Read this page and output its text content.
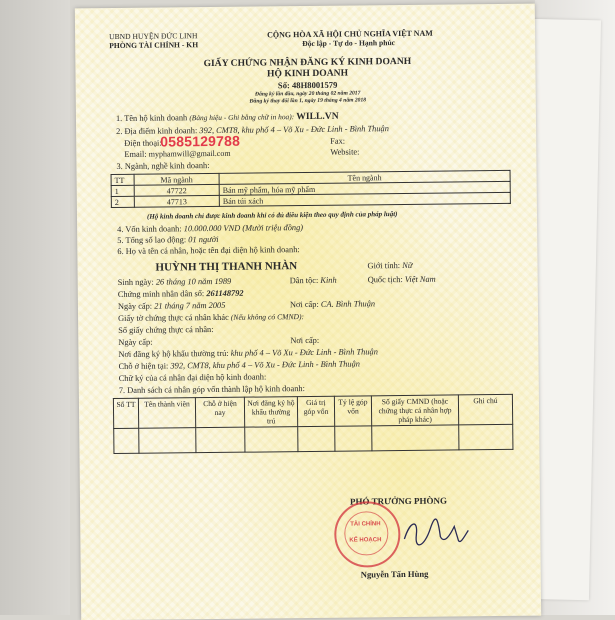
UBND HUYỆN ĐỨC LINH
PHÒNG TÀI CHÍNH - KH
CỘNG HÒA XÃ HỘI CHỦ NGHĨA VIỆT NAM
Độc lập - Tự do - Hạnh phúc
GIẤY CHỨNG NHẬN ĐĂNG KÝ KINH DOANH
HỘ KINH DOANH
Số: 48H8001579
Đăng ký lần đầu, ngày 20 tháng 02 năm 2017
Đăng ký thay đổi lần 1, ngày 19 tháng 4 năm 2018
1. Tên hộ kinh doanh (Bảng hiệu - Ghi bằng chữ in hoa): WILL.VN
2. Địa điểm kinh doanh: 392, CMT8, khu phố 4 – Võ Xu - Đức Linh - Bình Thuận
Điện thoại:
0585129788	Fax:
Email: myphamwill@gmail.com	Website:
3. Ngành, nghề kinh doanh:
TT	Mã ngành	Tên ngành
1	47722	Bán mỹ phẩm, hóa mỹ phẩm
2	47713	Bán túi xách
(Hộ kinh doanh chỉ được kinh doanh khi có đủ điều kiện theo quy định của pháp luật)
4. Vốn kinh doanh: 10.000.000 VND (Mười triệu đồng)
5. Tổng số lao động: 01 người
6. Họ và tên cá nhân, hoặc tên đại diện hộ kinh doanh:
HUỲNH THỊ THANH NHÀN	Giới tính: Nữ
Sinh ngày: 26 tháng 10 năm 1989	Dân tộc: Kinh	Quốc tịch: Việt Nam
Chứng minh nhân dân số: 261148792
Ngày cấp: 21 tháng 7 năm 2005	Nơi cấp: CA. Bình Thuận
Giấy tờ chứng thực cá nhân khác (Nếu không có CMND):
Số giấy chứng thực cá nhân:
Ngày cấp:	Nơi cấp:
Nơi đăng ký hộ khẩu thường trú: khu phố 4 – Võ Xu - Đức Linh - Bình Thuận
Chỗ ở hiện tại: 392, CMT8, khu phố 4 – Võ Xu - Đức Linh - Bình Thuận
Chữ ký của cá nhân đại diện hộ kinh doanh:
7. Danh sách cá nhân góp vốn thành lập hộ kinh doanh:
Số TT	Tên thành viên	Chỗ ở hiện nay	Nơi đăng ký hộ khẩu thường trú	Giá trị góp vốn	Tỷ lệ góp vốn	Số giấy CMND (hoặc chứng thực cá nhân hợp pháp khác)	Ghi chú

PHÓ TRƯỞNG PHÒNG
TÀI CHÍNH
KẾ HOẠCH
Nguyễn Tấn Hùng
